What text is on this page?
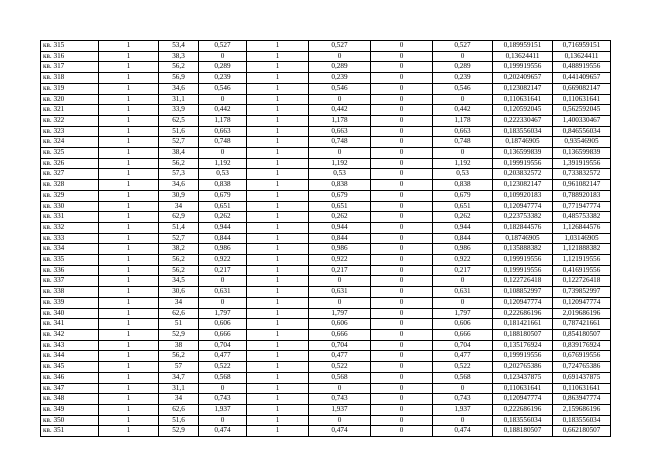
кв. 315	1	53,4	0,527	1	0,527	0	0,527	0,189959151	0,716959151
кв. 316	1	38,3	0	1	0	0	0	0,13624411	0,13624411
кв. 317	1	56,2	0,289	1	0,289	0	0,289	0,199919556	0,488919556
кв. 318	1	56,9	0,239	1	0,239	0	0,239	0,202409657	0,441409657
кв. 319	1	34,6	0,546	1	0,546	0	0,546	0,123082147	0,669082147
кв. 320	1	31,1	0	1	0	0	0	0,110631641	0,110631641
кв. 321	1	33,9	0,442	1	0,442	0	0,442	0,120592045	0,562592045
кв. 322	1	62,5	1,178	1	1,178	0	1,178	0,222330467	1,400330467
кв. 323	1	51,6	0,663	1	0,663	0	0,663	0,183556034	0,846556034
кв. 324	1	52,7	0,748	1	0,748	0	0,748	0,18746905	0,93546905
кв. 325	1	38,4	0	1	0	0	0	0,136599839	0,136599839
кв. 326	1	56,2	1,192	1	1,192	0	1,192	0,199919556	1,391919556
кв. 327	1	57,3	0,53	1	0,53	0	0,53	0,203832572	0,733832572
кв. 328	1	34,6	0,838	1	0,838	0	0,838	0,123082147	0,961082147
кв. 329	1	30,9	0,679	1	0,679	0	0,679	0,109920183	0,788920183
кв. 330	1	34	0,651	1	0,651	0	0,651	0,120947774	0,771947774
кв. 331	1	62,9	0,262	1	0,262	0	0,262	0,223753382	0,485753382
кв. 332	1	51,4	0,944	1	0,944	0	0,944	0,182844576	1,126844576
кв. 333	1	52,7	0,844	1	0,844	0	0,844	0,18746905	1,03146905
кв. 334	1	38,2	0,986	1	0,986	0	0,986	0,135888382	1,121888382
кв. 335	1	56,2	0,922	1	0,922	0	0,922	0,199919556	1,121919556
кв. 336	1	56,2	0,217	1	0,217	0	0,217	0,199919556	0,416919556
кв. 337	1	34,5	0	1	0	0	0	0,122726418	0,122726418
кв. 338	1	30,6	0,631	1	0,631	0	0,631	0,108852997	0,739852997
кв. 339	1	34	0	1	0	0	0	0,120947774	0,120947774
кв. 340	1	62,6	1,797	1	1,797	0	1,797	0,222686196	2,019686196
кв. 341	1	51	0,606	1	0,606	0	0,606	0,181421661	0,787421661
кв. 342	1	52,9	0,666	1	0,666	0	0,666	0,188180507	0,854180507
кв. 343	1	38	0,704	1	0,704	0	0,704	0,135176924	0,839176924
кв. 344	1	56,2	0,477	1	0,477	0	0,477	0,199919556	0,676919556
кв. 345	1	57	0,522	1	0,522	0	0,522	0,202765386	0,724765386
кв. 346	1	34,7	0,568	1	0,568	0	0,568	0,123437875	0,691437875
кв. 347	1	31,1	0	1	0	0	0	0,110631641	0,110631641
кв. 348	1	34	0,743	1	0,743	0	0,743	0,120947774	0,863947774
кв. 349	1	62,6	1,937	1	1,937	0	1,937	0,222686196	2,159686196
кв. 350	1	51,6	0	1	0	0	0	0,183556034	0,183556034
кв. 351	1	52,9	0,474	1	0,474	0	0,474	0,188180507	0,662180507
